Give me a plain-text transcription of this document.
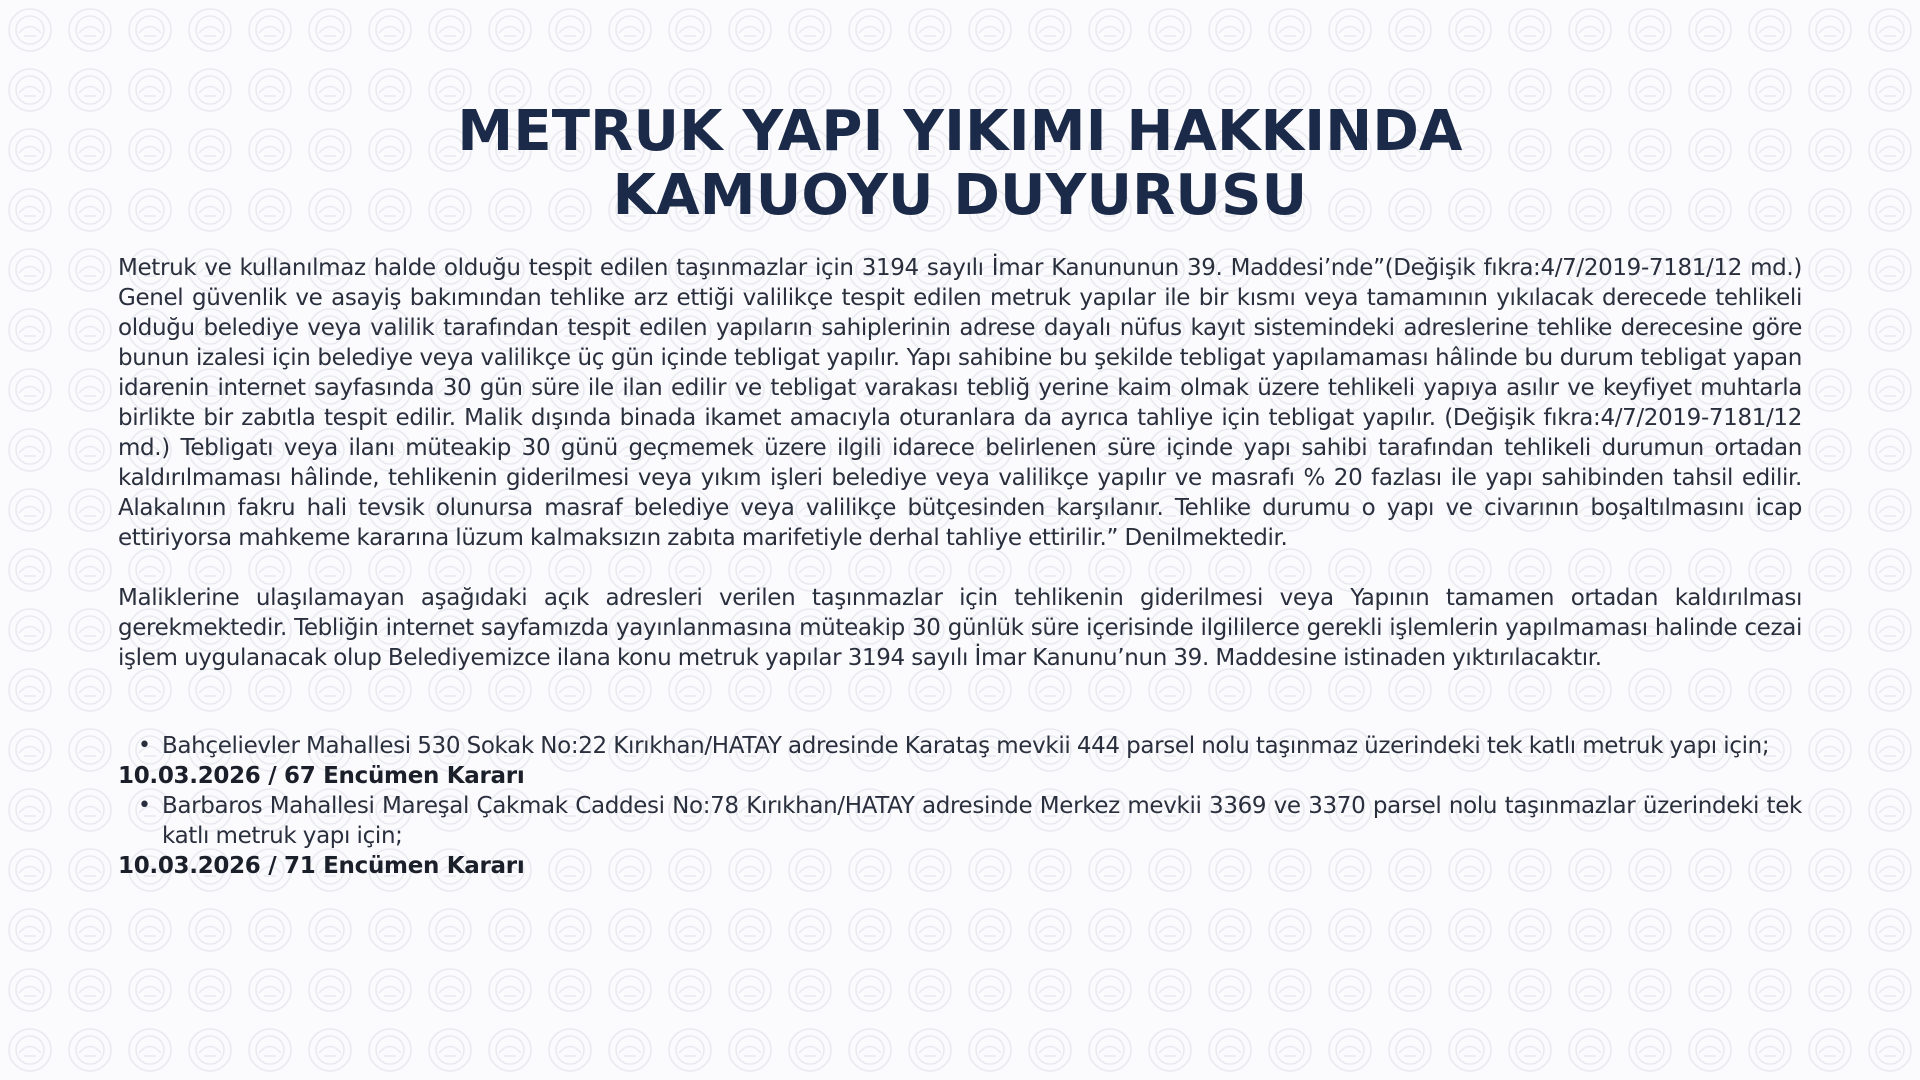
METRUK YAPI YIKIMI HAKKINDA
KAMUOYU DUYURUSU

Metruk ve kullanılmaz halde olduğu tespit edilen taşınmazlar için 3194 sayılı İmar Kanununun 39. Maddesi’nde”(Değişik fıkra:4/7/2019-7181/12 md.) Genel güvenlik ve asayiş bakımından tehlike arz ettiği valilikçe tespit edilen metruk yapılar ile bir kısmı veya tamamının yıkılacak derecede tehlikeli olduğu belediye veya valilik tarafından tespit edilen yapıların sahiplerinin adrese dayalı nüfus kayıt sistemindeki adreslerine tehlike derecesine göre bunun izalesi için belediye veya valilikçe üç gün içinde tebligat yapılır. Yapı sahibine bu şekilde tebligat yapılamaması hâlinde bu durum tebligat yapan idarenin internet sayfasında 30 gün süre ile ilan edilir ve tebligat varakası tebliğ yerine kaim olmak üzere tehlikeli yapıya asılır ve keyfiyet muhtarla birlikte bir zabıtla tespit edilir. Malik dışında binada ikamet amacıyla oturanlara da ayrıca tahliye için tebligat yapılır. (Değişik fıkra:4/7/2019-7181/12 md.) Tebligatı veya ilanı müteakip 30 günü geçmemek üzere ilgili idarece belirlenen süre içinde yapı sahibi tarafından tehlikeli durumun ortadan kaldırılmaması hâlinde, tehlikenin giderilmesi veya yıkım işleri belediye veya valilikçe yapılır ve masrafı % 20 fazlası ile yapı sahibinden tahsil edilir. Alakalının fakru hali tevsik olunursa masraf belediye veya valilikçe bütçesinden karşılanır. Tehlike durumu o yapı ve civarının boşaltılmasını icap ettiriyorsa mahkeme kararına lüzum kalmaksızın zabıta marifetiyle derhal tahliye ettirilir.” Denilmektedir.

Maliklerine ulaşılamayan aşağıdaki açık adresleri verilen taşınmazlar için tehlikenin giderilmesi veya Yapının tamamen ortadan kaldırılması gerekmektedir. Tebliğin internet sayfamızda yayınlanmasına müteakip 30 günlük süre içerisinde ilgililerce gerekli işlemlerin yapılmaması halinde cezai işlem uygulanacak olup Belediyemizce ilana konu metruk yapılar 3194 sayılı İmar Kanunu’nun 39. Maddesine istinaden yıktırılacaktır.

• Bahçelievler Mahallesi 530 Sokak No:22 Kırıkhan/HATAY adresinde Karataş mevkii 444 parsel nolu taşınmaz üzerindeki tek katlı metruk yapı için;
10.03.2026 / 67 Encümen Kararı
• Barbaros Mahallesi Mareşal Çakmak Caddesi No:78 Kırıkhan/HATAY adresinde Merkez mevkii 3369 ve 3370 parsel nolu taşınmazlar üzerindeki tek katlı metruk yapı için;
10.03.2026 / 71 Encümen Kararı
